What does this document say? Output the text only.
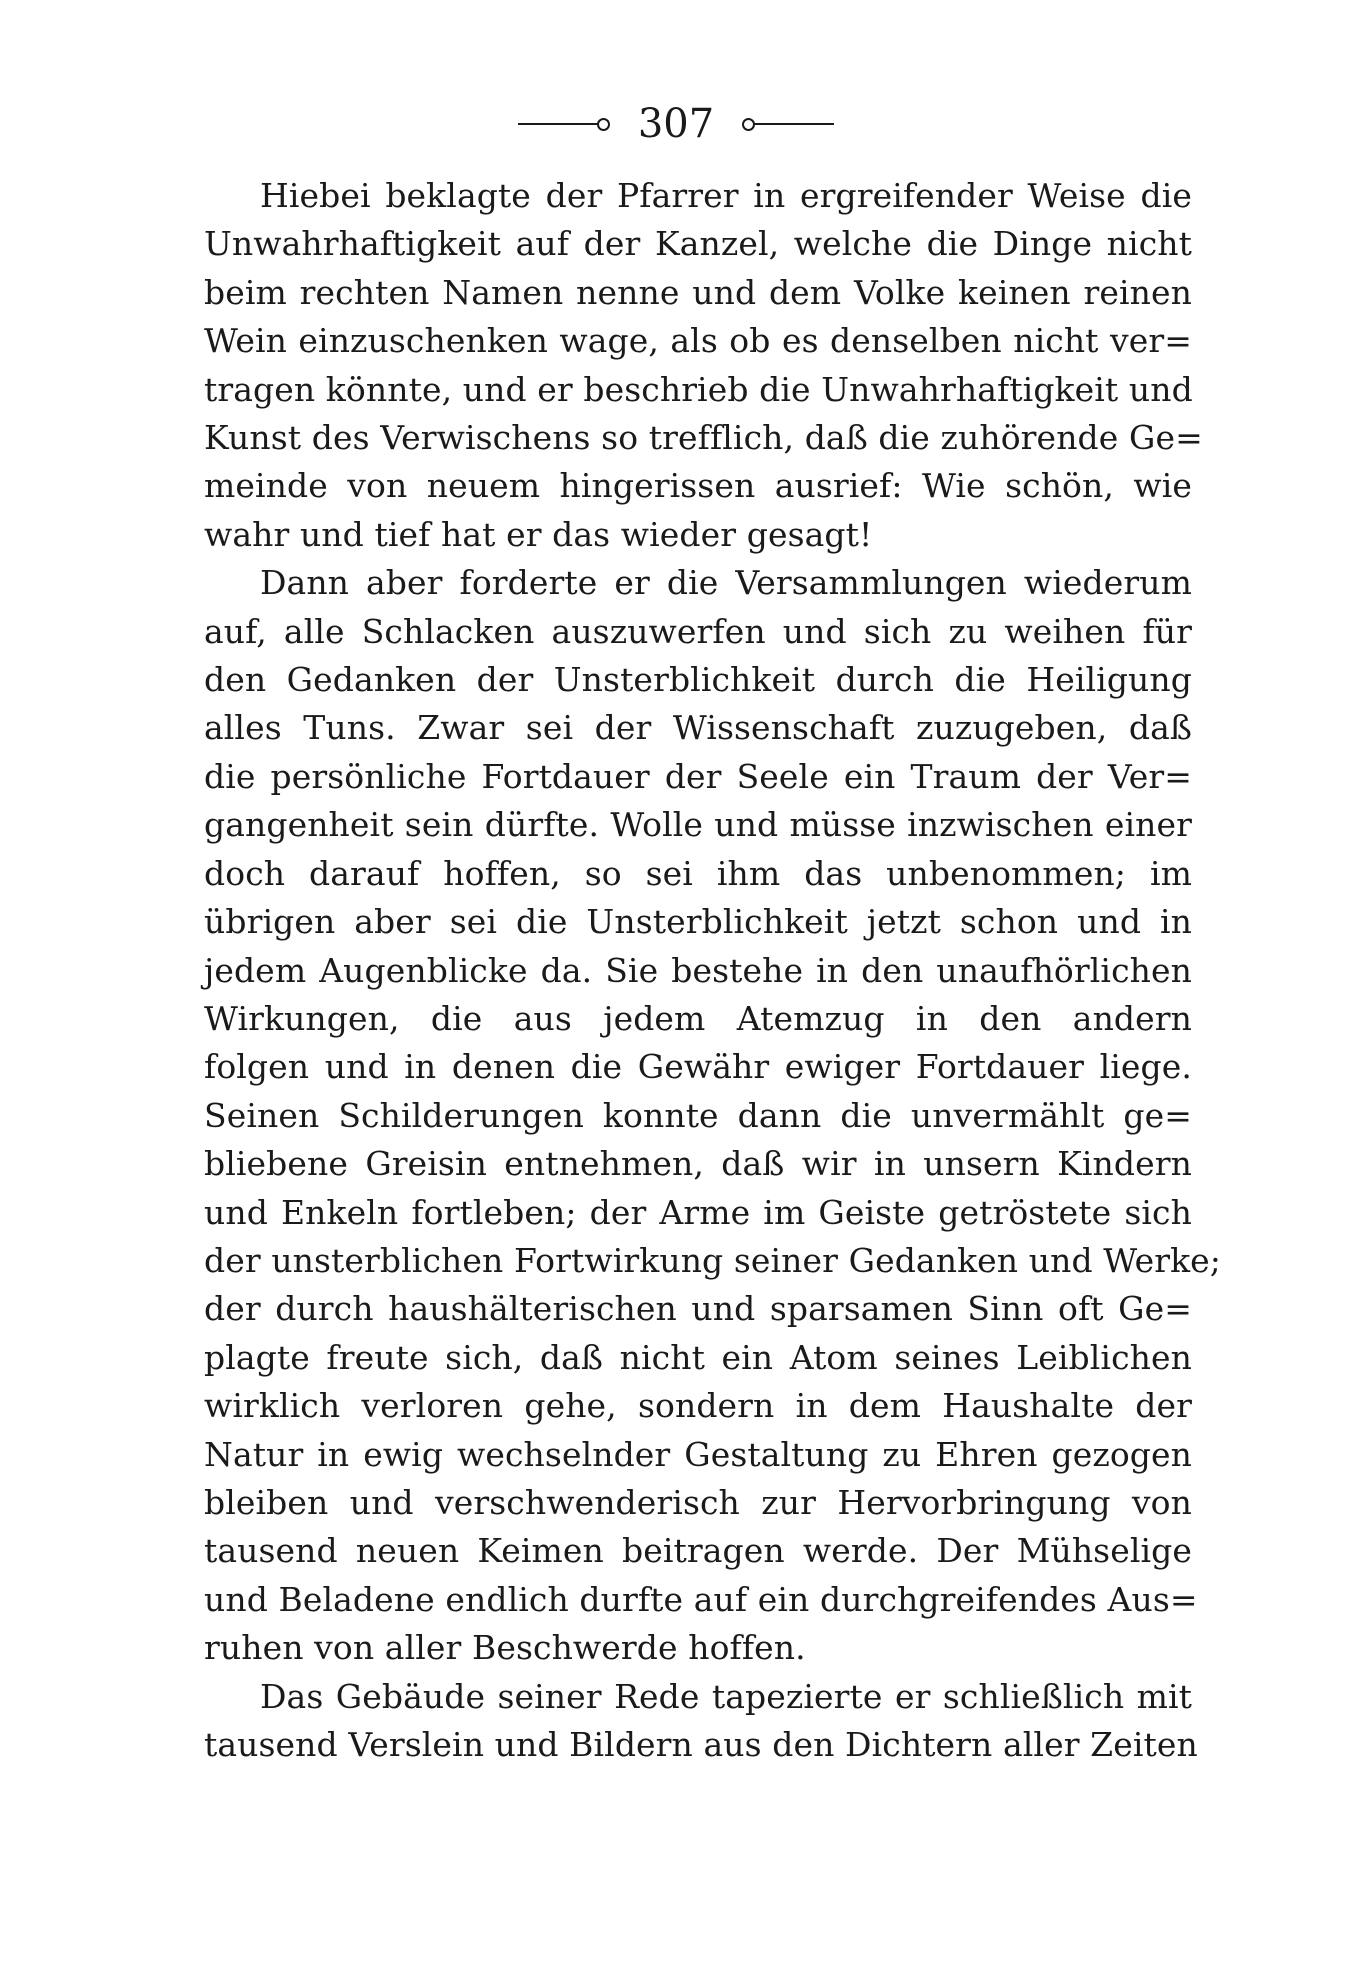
307
Hiebei beklagte der Pfarrer in ergreifender Weise die
Unwahrhaftigkeit auf der Kanzel, welche die Dinge nicht
beim rechten Namen nenne und dem Volke keinen reinen
Wein einzuschenken wage, als ob es denselben nicht ver=
tragen könnte, und er beschrieb die Unwahrhaftigkeit und
Kunst des Verwischens so trefflich, daß die zuhörende Ge=
meinde von neuem hingerissen ausrief: Wie schön, wie
wahr und tief hat er das wieder gesagt!
Dann aber forderte er die Versammlungen wiederum
auf, alle Schlacken auszuwerfen und sich zu weihen für
den Gedanken der Unsterblichkeit durch die Heiligung
alles Tuns. Zwar sei der Wissenschaft zuzugeben, daß
die persönliche Fortdauer der Seele ein Traum der Ver=
gangenheit sein dürfte. Wolle und müsse inzwischen einer
doch darauf hoffen, so sei ihm das unbenommen; im
übrigen aber sei die Unsterblichkeit jetzt schon und in
jedem Augenblicke da. Sie bestehe in den unaufhörlichen
Wirkungen, die aus jedem Atemzug in den andern
folgen und in denen die Gewähr ewiger Fortdauer liege.
Seinen Schilderungen konnte dann die unvermählt ge=
bliebene Greisin entnehmen, daß wir in unsern Kindern
und Enkeln fortleben; der Arme im Geiste getröstete sich
der unsterblichen Fortwirkung seiner Gedanken und Werke;
der durch haushälterischen und sparsamen Sinn oft Ge=
plagte freute sich, daß nicht ein Atom seines Leiblichen
wirklich verloren gehe, sondern in dem Haushalte der
Natur in ewig wechselnder Gestaltung zu Ehren gezogen
bleiben und verschwenderisch zur Hervorbringung von
tausend neuen Keimen beitragen werde. Der Mühselige
und Beladene endlich durfte auf ein durchgreifendes Aus=
ruhen von aller Beschwerde hoffen.
Das Gebäude seiner Rede tapezierte er schließlich mit
tausend Verslein und Bildern aus den Dichtern aller Zeiten
